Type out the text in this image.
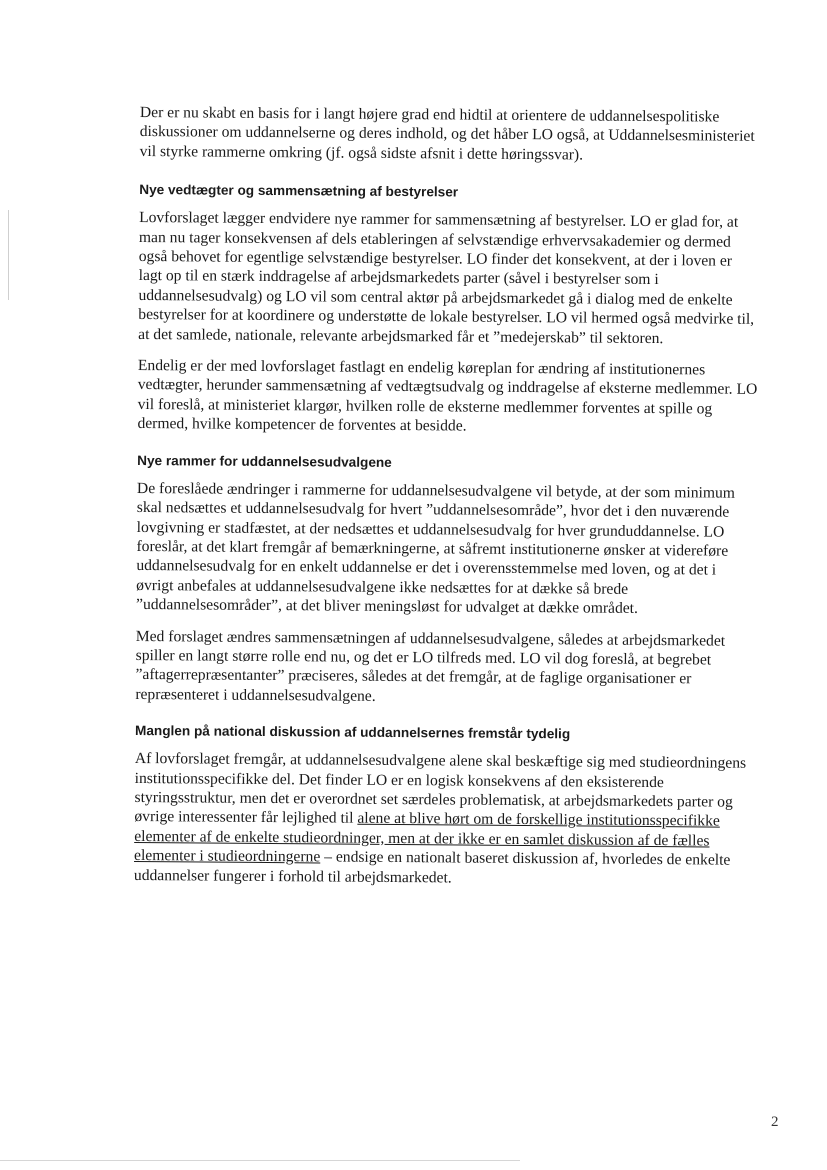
Der er nu skabt en basis for i langt højere grad end hidtil at orientere de uddannelsespolitiske diskussioner om uddannelserne og deres indhold, og det håber LO også, at Uddannelsesministeriet vil styrke rammerne omkring (jf. også sidste afsnit i dette høringssvar).

Nye vedtægter og sammensætning af bestyrelser

Lovforslaget lægger endvidere nye rammer for sammensætning af bestyrelser. LO er glad for, at man nu tager konsekvensen af dels etableringen af selvstændige erhvervsakademier og dermed også behovet for egentlige selvstændige bestyrelser. LO finder det konsekvent, at der i loven er lagt op til en stærk inddragelse af arbejdsmarkedets parter (såvel i bestyrelser som i uddannelsesudvalg) og LO vil som central aktør på arbejdsmarkedet gå i dialog med de enkelte bestyrelser for at koordinere og understøtte de lokale bestyrelser. LO vil hermed også medvirke til, at det samlede, nationale, relevante arbejdsmarked får et ”medejerskab” til sektoren.

Endelig er der med lovforslaget fastlagt en endelig køreplan for ændring af institutionernes vedtægter, herunder sammensætning af vedtægtsudvalg og inddragelse af eksterne medlemmer. LO vil foreslå, at ministeriet klargør, hvilken rolle de eksterne medlemmer forventes at spille og dermed, hvilke kompetencer de forventes at besidde.

Nye rammer for uddannelsesudvalgene

De foreslåede ændringer i rammerne for uddannelsesudvalgene vil betyde, at der som minimum skal nedsættes et uddannelsesudvalg for hvert ”uddannelsesområde”, hvor det i den nuværende lovgivning er stadfæstet, at der nedsættes et uddannelsesudvalg for hver grunduddannelse. LO foreslår, at det klart fremgår af bemærkningerne, at såfremt institutionerne ønsker at videreføre uddannelsesudvalg for en enkelt uddannelse er det i overensstemmelse med loven, og at det i øvrigt anbefales at uddannelsesudvalgene ikke nedsættes for at dække så brede ”uddannelsesområder”, at det bliver meningsløst for udvalget at dække området.

Med forslaget ændres sammensætningen af uddannelsesudvalgene, således at arbejdsmarkedet spiller en langt større rolle end nu, og det er LO tilfreds med. LO vil dog foreslå, at begrebet ”aftagerrepræsentanter” præciseres, således at det fremgår, at de faglige organisationer er repræsenteret i uddannelsesudvalgene.

Manglen på national diskussion af uddannelsernes fremstår tydelig

Af lovforslaget fremgår, at uddannelsesudvalgene alene skal beskæftige sig med studieordningens institutionsspecifikke del. Det finder LO er en logisk konsekvens af den eksisterende styringsstruktur, men det er overordnet set særdeles problematisk, at arbejdsmarkedets parter og øvrige interessenter får lejlighed til alene at blive hørt om de forskellige institutionsspecifikke elementer af de enkelte studieordninger, men at der ikke er en samlet diskussion af de fælles elementer i studieordningerne – endsige en nationalt baseret diskussion af, hvorledes de enkelte uddannelser fungerer i forhold til arbejdsmarkedet.

2
